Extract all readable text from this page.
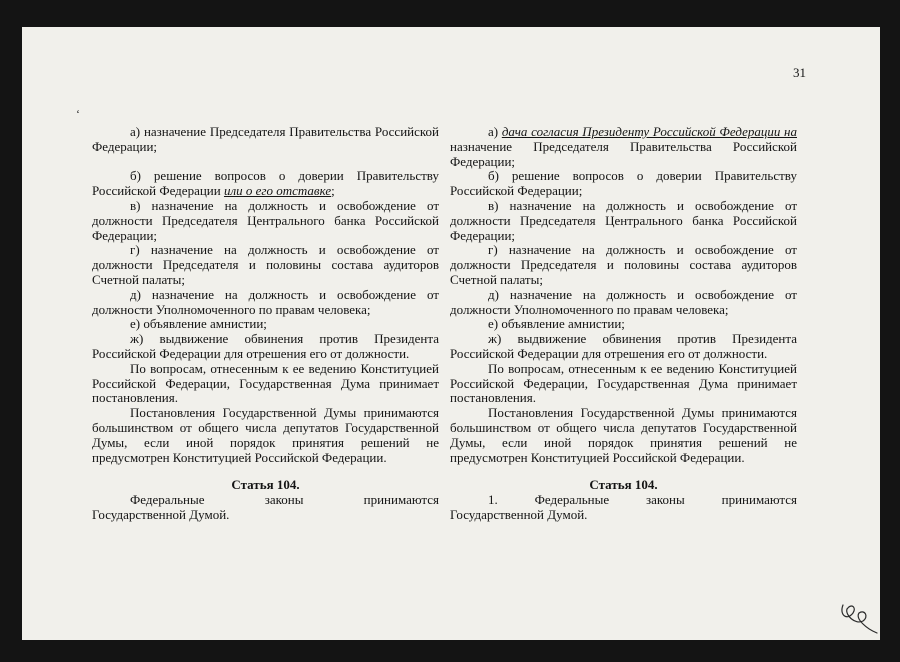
31
‘

а) назначение Председателя Правительства Российской Федерации;

б) решение вопросов о доверии Правительству Российской Федерации или о его отставке;

в) назначение на должность и освобождение от должности Председателя Центрального банка Российской Федерации;

г) назначение на должность и освобождение от должности Председателя и половины состава аудиторов Счетной палаты;

д) назначение на должность и освобождение от должности Уполномоченного по правам человека;

е) объявление амнистии;

ж) выдвижение обвинения против Президента Российской Федерации для отрешения его от должности.

По вопросам, отнесенным к ее ведению Конституцией Российской Федерации, Государственная Дума принимает постановления.

Постановления Государственной Думы принимаются большинством от общего числа депутатов Государственной Думы, если иной порядок принятия решений не предусмотрен Конституцией Российской Федерации.

Статья 104.

Федеральные	законы	принимаются

Государственной Думой.

а) дача согласия Президенту Российской Федерации на назначение Председателя Правительства Российской Федерации;

б) решение вопросов о доверии Правительству Российской Федерации;

в) назначение на должность и освобождение от должности Председателя Центрального банка Российской Федерации;

г) назначение на должность и освобождение от должности Председателя и половины состава аудиторов Счетной палаты;

д) назначение на должность и освобождение от должности Уполномоченного по правам человека;

е) объявление амнистии;

ж) выдвижение обвинения против Президента Российской Федерации для отрешения его от должности.

По вопросам, отнесенным к ее ведению Конституцией Российской Федерации, Государственная Дума принимает постановления.

Постановления Государственной Думы принимаются большинством от общего числа депутатов Государственной Думы, если иной порядок принятия решений не предусмотрен Конституцией Российской Федерации.

Статья 104.

1.	Федеральные	законы	принимаются

Государственной Думой.
